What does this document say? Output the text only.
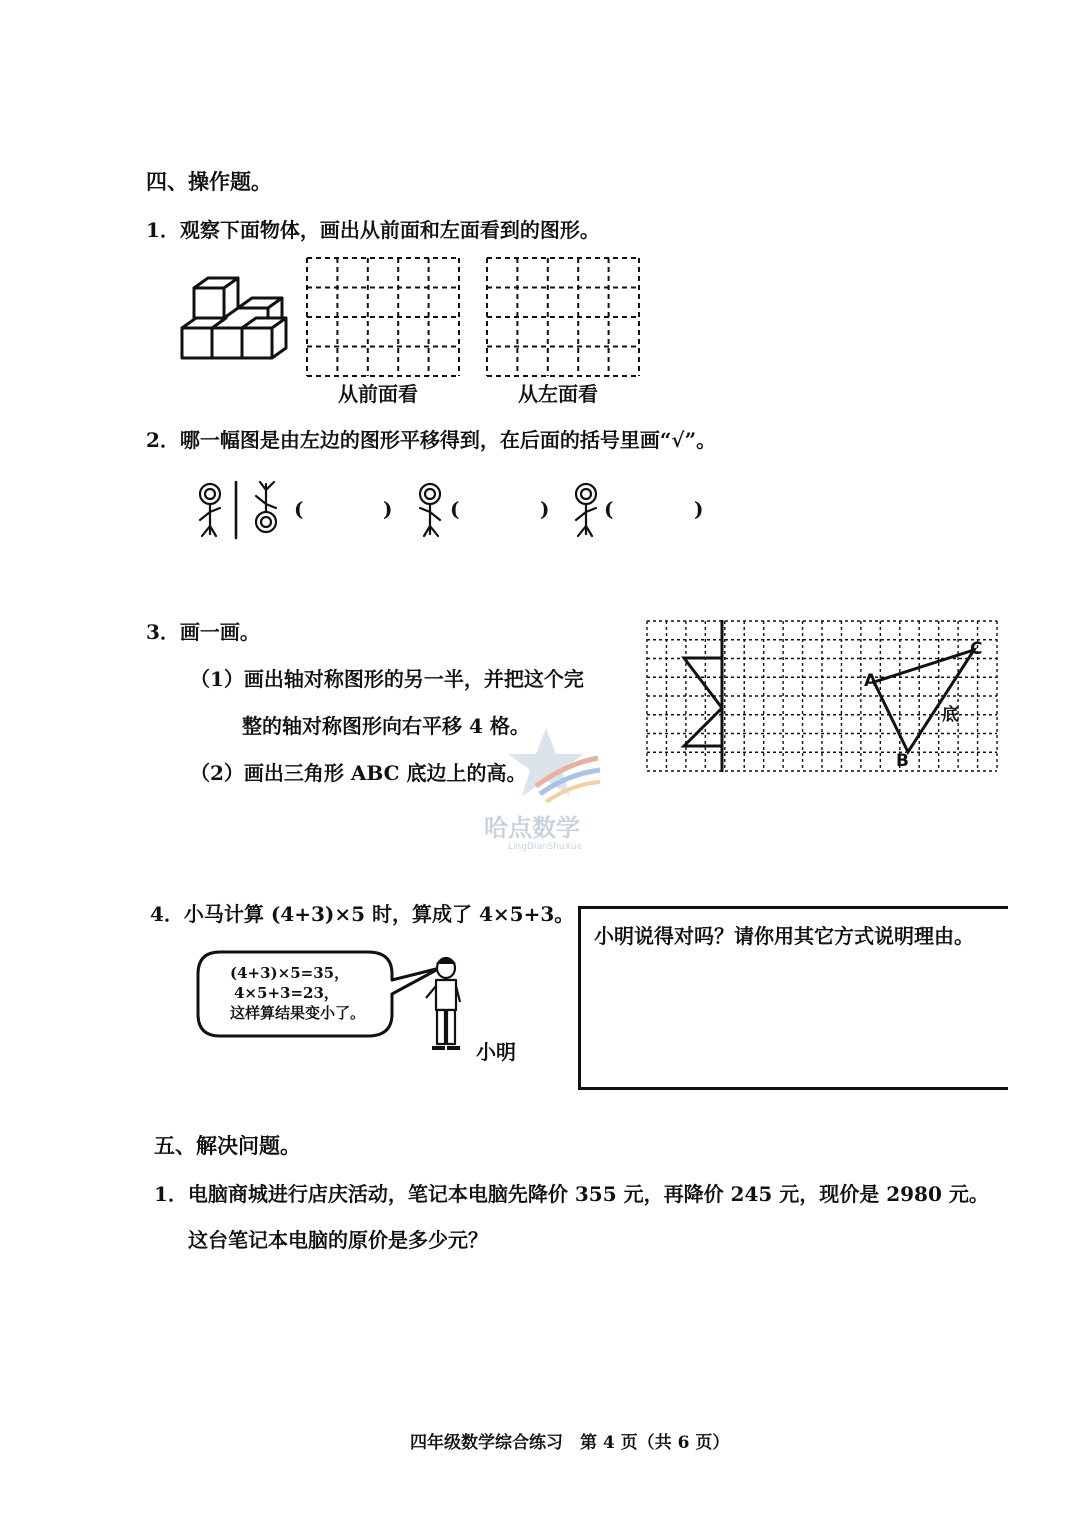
四、操作题。
1．观察下面物体，画出从前面和左面看到的图形。
从前面看	从左面看
2．哪一幅图是由左边的图形平移得到，在后面的括号里画“√”。
(	)	(	)	(	)
3．画一画。
（1）画出轴对称图形的另一半，并把这个完
整的轴对称图形向右平移 4 格。
（2）画出三角形 ABC 底边上的高。
A
B
C
底
哈点数学
LingDianShuXue
4．小马计算 (4+3)×5 时，算成了 4×5+3。
(4+3)×5=35，
4×5+3=23，
这样算结果变小了。
小明
小明说得对吗？请你用其它方式说明理由。
五、解决问题。
1．电脑商城进行店庆活动，笔记本电脑先降价 355 元，再降价 245 元，现价是 2980 元。
这台笔记本电脑的原价是多少元？
四年级数学综合练习　第 4 页（共 6 页）
